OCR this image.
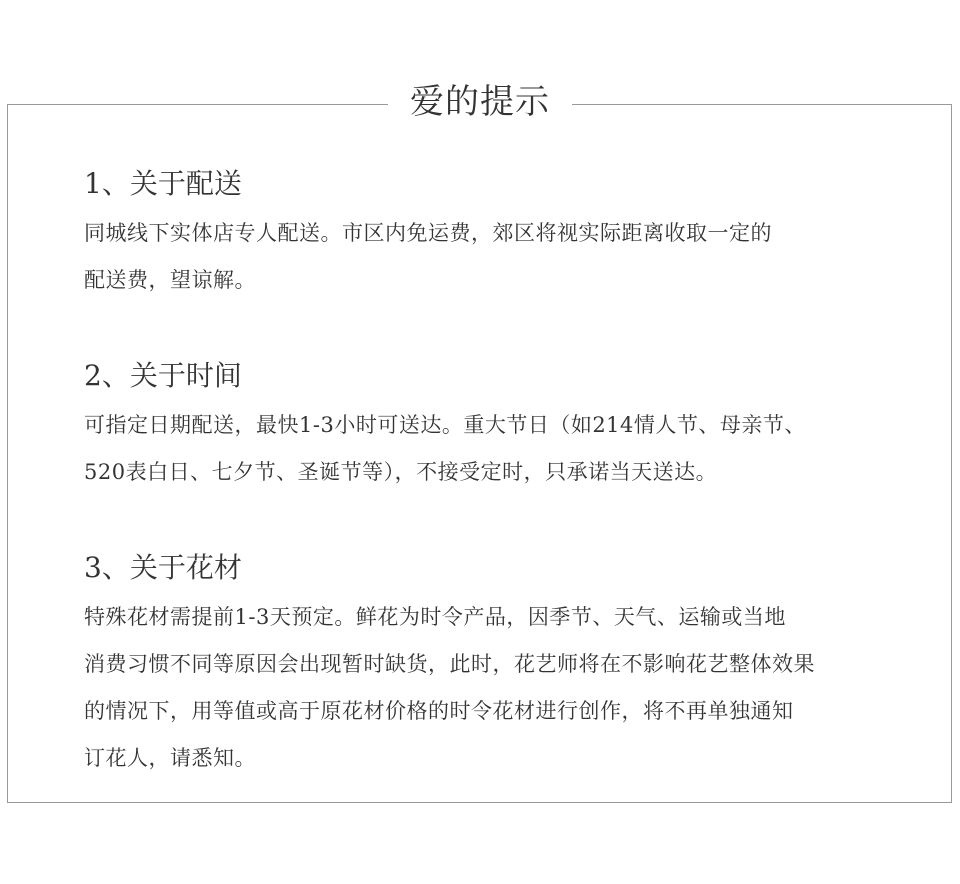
爱的提示
1、关于配送
同城线下实体店专人配送。市区内免运费，郊区将视实际距离收取一定的
配送费，望谅解。
2、关于时间
可指定日期配送，最快1-3小时可送达。重大节日（如214情人节、母亲节、
520表白日、七夕节、圣诞节等），不接受定时，只承诺当天送达。
3、关于花材
特殊花材需提前1-3天预定。鲜花为时令产品，因季节、天气、运输或当地
消费习惯不同等原因会出现暂时缺货，此时，花艺师将在不影响花艺整体效果
的情况下，用等值或高于原花材价格的时令花材进行创作，将不再单独通知
订花人，请悉知。
